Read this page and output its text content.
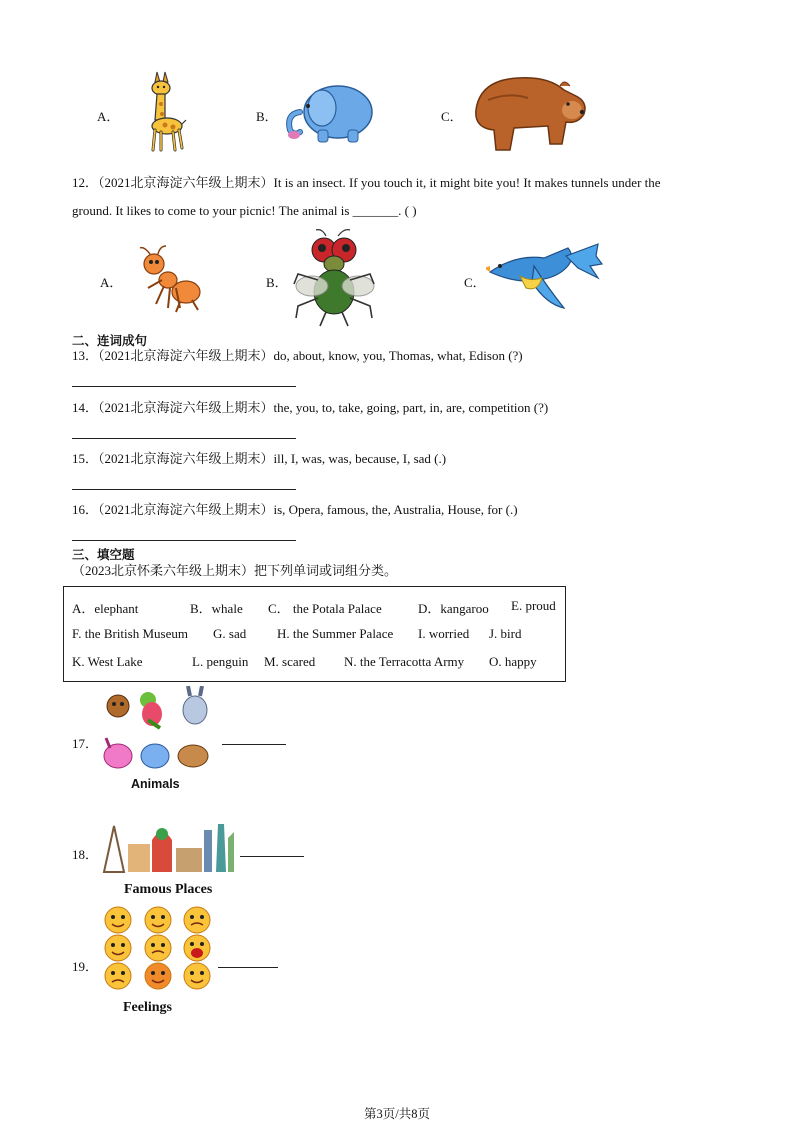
A．	B．	C．
12．（2021北京海淀六年级上期末）It is an insect. If you touch it, it might bite you! It makes tunnels under the
ground. It likes to come to your picnic! The animal is _______. ( )
A．	B．	C．
二、连词成句
13．（2021北京海淀六年级上期末）do, about, know, you, Thomas, what, Edison (?)
14．（2021北京海淀六年级上期末）the, you, to, take, going, part, in, are, competition (?)
15．（2021北京海淀六年级上期末）ill, I, was, was, because, I, sad (.)
16．（2021北京海淀六年级上期末）is, Opera, famous, the, Australia, House, for (.)
三、填空题
（2023北京怀柔六年级上期末）把下列单词或词组分类。
A．elephant	B．whale C． the Potala Palace	D．kangaroo E. proud
F. the British Museum G. sad H. the Summer Palace I. worried J. bird
K. West Lake	L. penguin M. scared N. the Terracotta Army O. happy
17．
Animals
18．
Famous Places
19．
Feelings
第3页/共8页
